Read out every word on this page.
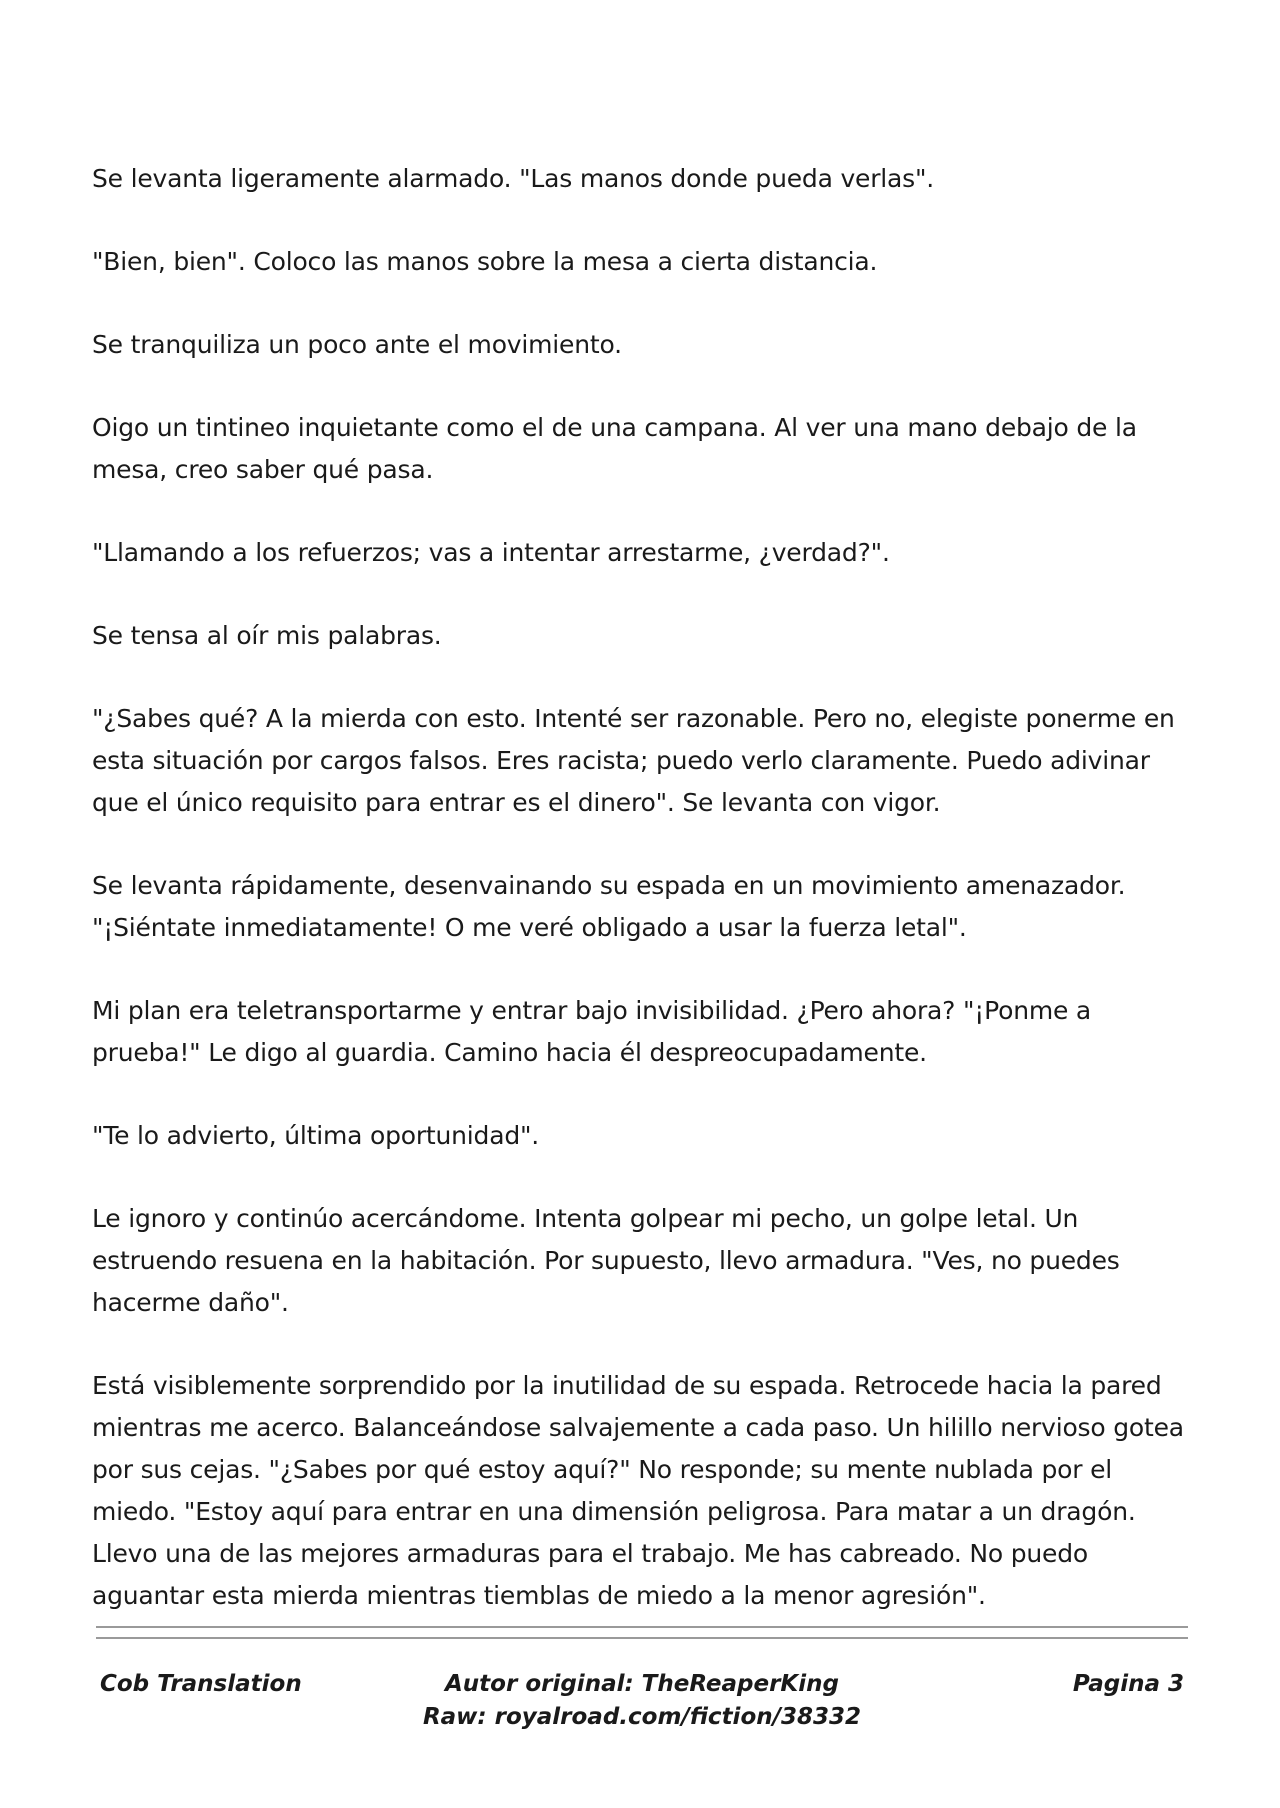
Se levanta ligeramente alarmado. "Las manos donde pueda verlas".

"Bien, bien". Coloco las manos sobre la mesa a cierta distancia.

Se tranquiliza un poco ante el movimiento.

Oigo un tintineo inquietante como el de una campana. Al ver una mano debajo de la mesa, creo saber qué pasa.

"Llamando a los refuerzos; vas a intentar arrestarme, ¿verdad?".

Se tensa al oír mis palabras.

"¿Sabes qué? A la mierda con esto. Intenté ser razonable. Pero no, elegiste ponerme en esta situación por cargos falsos. Eres racista; puedo verlo claramente. Puedo adivinar que el único requisito para entrar es el dinero". Se levanta con vigor.

Se levanta rápidamente, desenvainando su espada en un movimiento amenazador. "¡Siéntate inmediatamente! O me veré obligado a usar la fuerza letal".

Mi plan era teletransportarme y entrar bajo invisibilidad. ¿Pero ahora? "¡Ponme a prueba!" Le digo al guardia. Camino hacia él despreocupadamente.

"Te lo advierto, última oportunidad".

Le ignoro y continúo acercándome. Intenta golpear mi pecho, un golpe letal. Un estruendo resuena en la habitación. Por supuesto, llevo armadura. "Ves, no puedes hacerme daño".

Está visiblemente sorprendido por la inutilidad de su espada. Retrocede hacia la pared mientras me acerco. Balanceándose salvajemente a cada paso. Un hilillo nervioso gotea por sus cejas. "¿Sabes por qué estoy aquí?" No responde; su mente nublada por el miedo. "Estoy aquí para entrar en una dimensión peligrosa. Para matar a un dragón. Llevo una de las mejores armaduras para el trabajo. Me has cabreado. No puedo aguantar esta mierda mientras tiemblas de miedo a la menor agresión".

Cob Translation	Autor original: TheReaperKing
Raw: royalroad.com/fiction/38332
Pagina 3
